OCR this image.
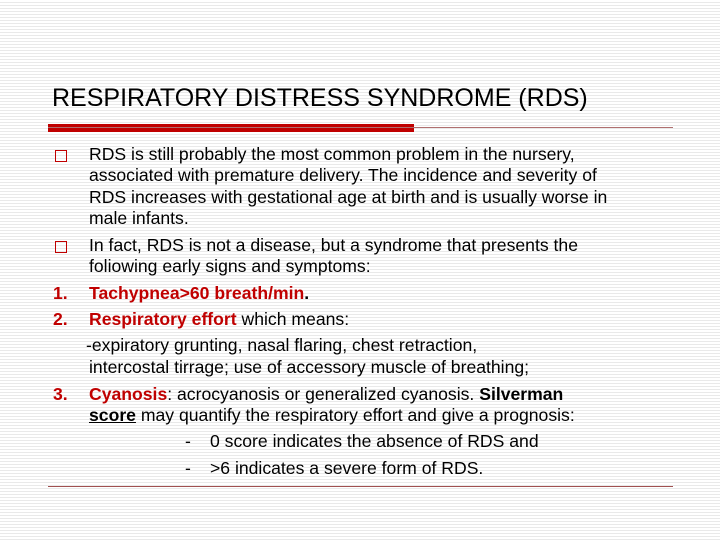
RESPIRATORY DISTRESS SYNDROME (RDS)
RDS is still probably the most common problem in the nursery,
associated with premature delivery. The incidence and severity of
RDS increases with gestational age at birth and is usually worse in
male infants.
In fact, RDS is not a disease, but a syndrome that presents the
foliowing early signs and symptoms:
1. Tachypnea>60 breath/min.
2. Respiratory effort which means:
-expiratory grunting, nasal flaring, chest retraction,
intercostal tirrage; use of accessory muscle of breathing;
3. Cyanosis: acrocyanosis or generalized cyanosis. Silverman
score may quantify the respiratory effort and give a prognosis:
- 0 score indicates the absence of RDS and
- >6 indicates a severe form of RDS.
